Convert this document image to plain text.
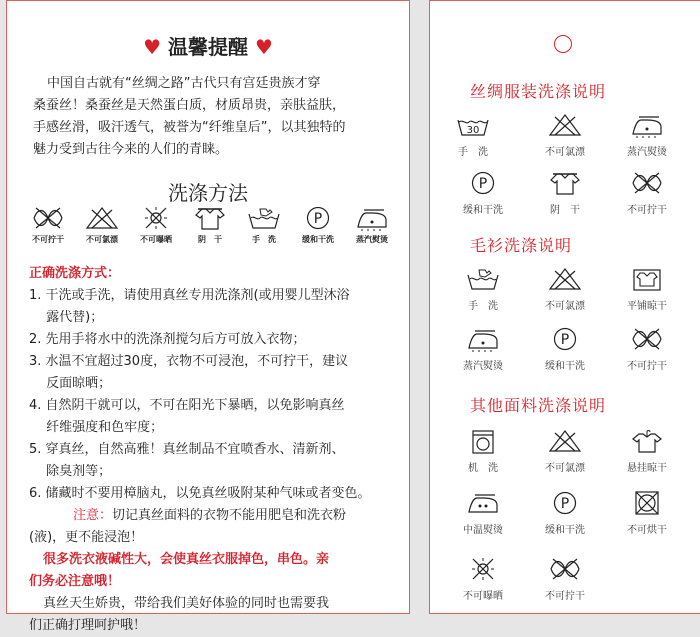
♥ 温馨提醒 ♥
中国自古就有“丝绸之路”古代只有宫廷贵族才穿
桑蚕丝！桑蚕丝是天然蛋白质，材质昂贵，亲肤益肤，
手感丝滑，吸汗透气，被誉为“纤维皇后”，以其独特的
魅力受到古往今来的人们的青睐。
洗涤方法
不可拧干	不可氯漂	不可曝晒	阴　干	手　洗	缓和干洗	蒸汽熨烫
正确洗涤方式：
1. 干洗或手洗，请使用真丝专用洗涤剂(或用婴儿型沐浴
　 露代替)；
2. 先用手将水中的洗涤剂搅匀后方可放入衣物；
3. 水温不宜超过30度，衣物不可浸泡，不可拧干，建议
　 反面晾晒；
4. 自然阴干就可以，不可在阳光下暴晒，以免影响真丝
　 纤维强度和色牢度；
5. 穿真丝，自然高雅！真丝制品不宜喷香水、清新剂、
　 除臭剂等；
6. 储藏时不要用樟脑丸，以免真丝吸附某种气味或者变色。
注意：切记真丝面料的衣物不能用肥皂和洗衣粉
(液)，更不能浸泡！
很多洗衣液碱性大，会使真丝衣服掉色，串色。亲
们务必注意哦！
真丝天生娇贵，带给我们美好体验的同时也需要我
们正确打理呵护哦！
丝绸服装洗涤说明
30
手　洗	不可氯漂	蒸汽熨烫
缓和干洗	阴　干	不可拧干
毛衫洗涤说明
手　洗	不可氯漂	平铺晾干
蒸汽熨烫	缓和干洗	不可拧干
其他面料洗涤说明
机　洗	不可氯漂	悬挂晾干
中温熨烫	缓和干洗	不可烘干
不可曝晒	不可拧干
